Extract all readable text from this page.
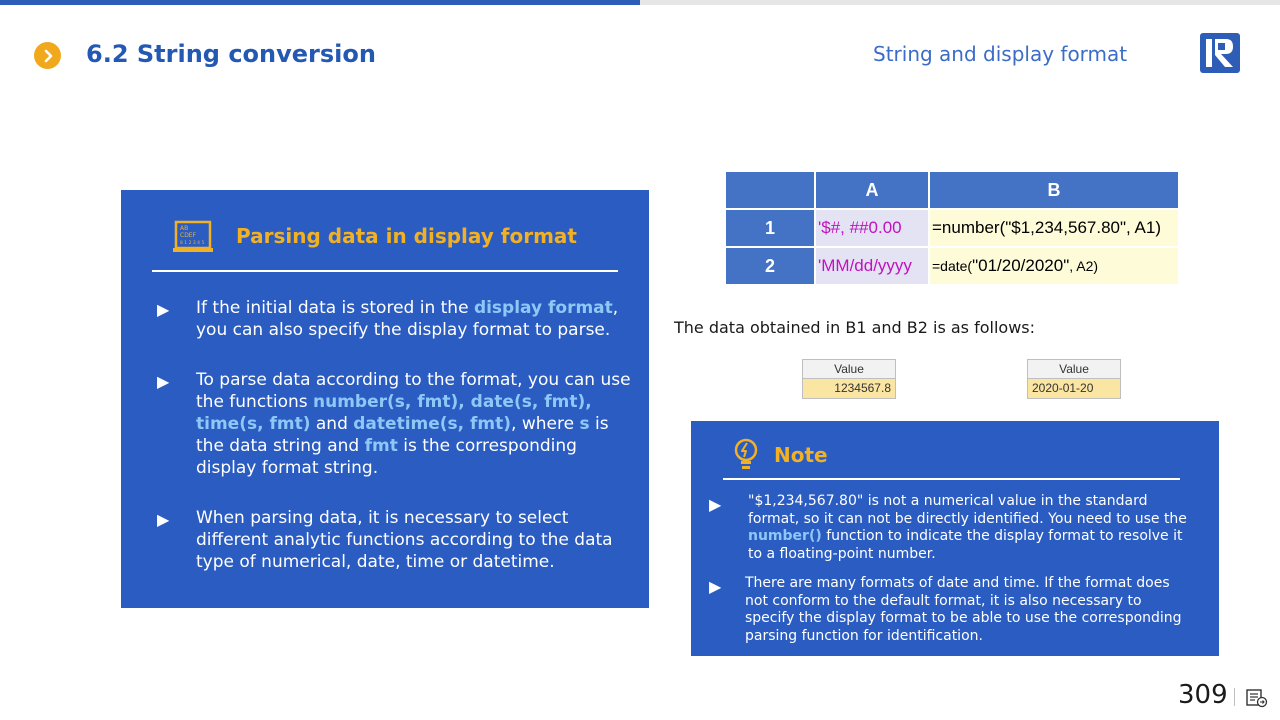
6.2 String conversion	String and display format
AB
CDEF
8 1 2 3 4 5 Parsing data in display format
▶	If the initial data is stored in the display format, you can also specify the display format to parse.
▶	To parse data according to the format, you can use the functions number(s, fmt), date(s, fmt), time(s, fmt) and datetime(s, fmt), where s is the data string and fmt is the corresponding display format string.
▶	When parsing data, it is necessary to select different analytic functions according to the data type of numerical, date, time or datetime.
	A	B
1	'$#, ##0.00	=number("$1,234,567.80", A1)

2	'MM/dd/yyyy	=date("01/20/2020", A2)
The data obtained in B1 and B2 is as follows:
Value
1234567.8
Value
2020-01-20
Note
▶ "$1,234,567.80" is not a numerical value in the standard format, so it can not be directly identified. You need to use the number() function to indicate the display format to resolve it to a floating-point number.
▶ There are many formats of date and time. If the format does not conform to the default format, it is also necessary to specify the display format to be able to use the corresponding parsing function for identification.
309
